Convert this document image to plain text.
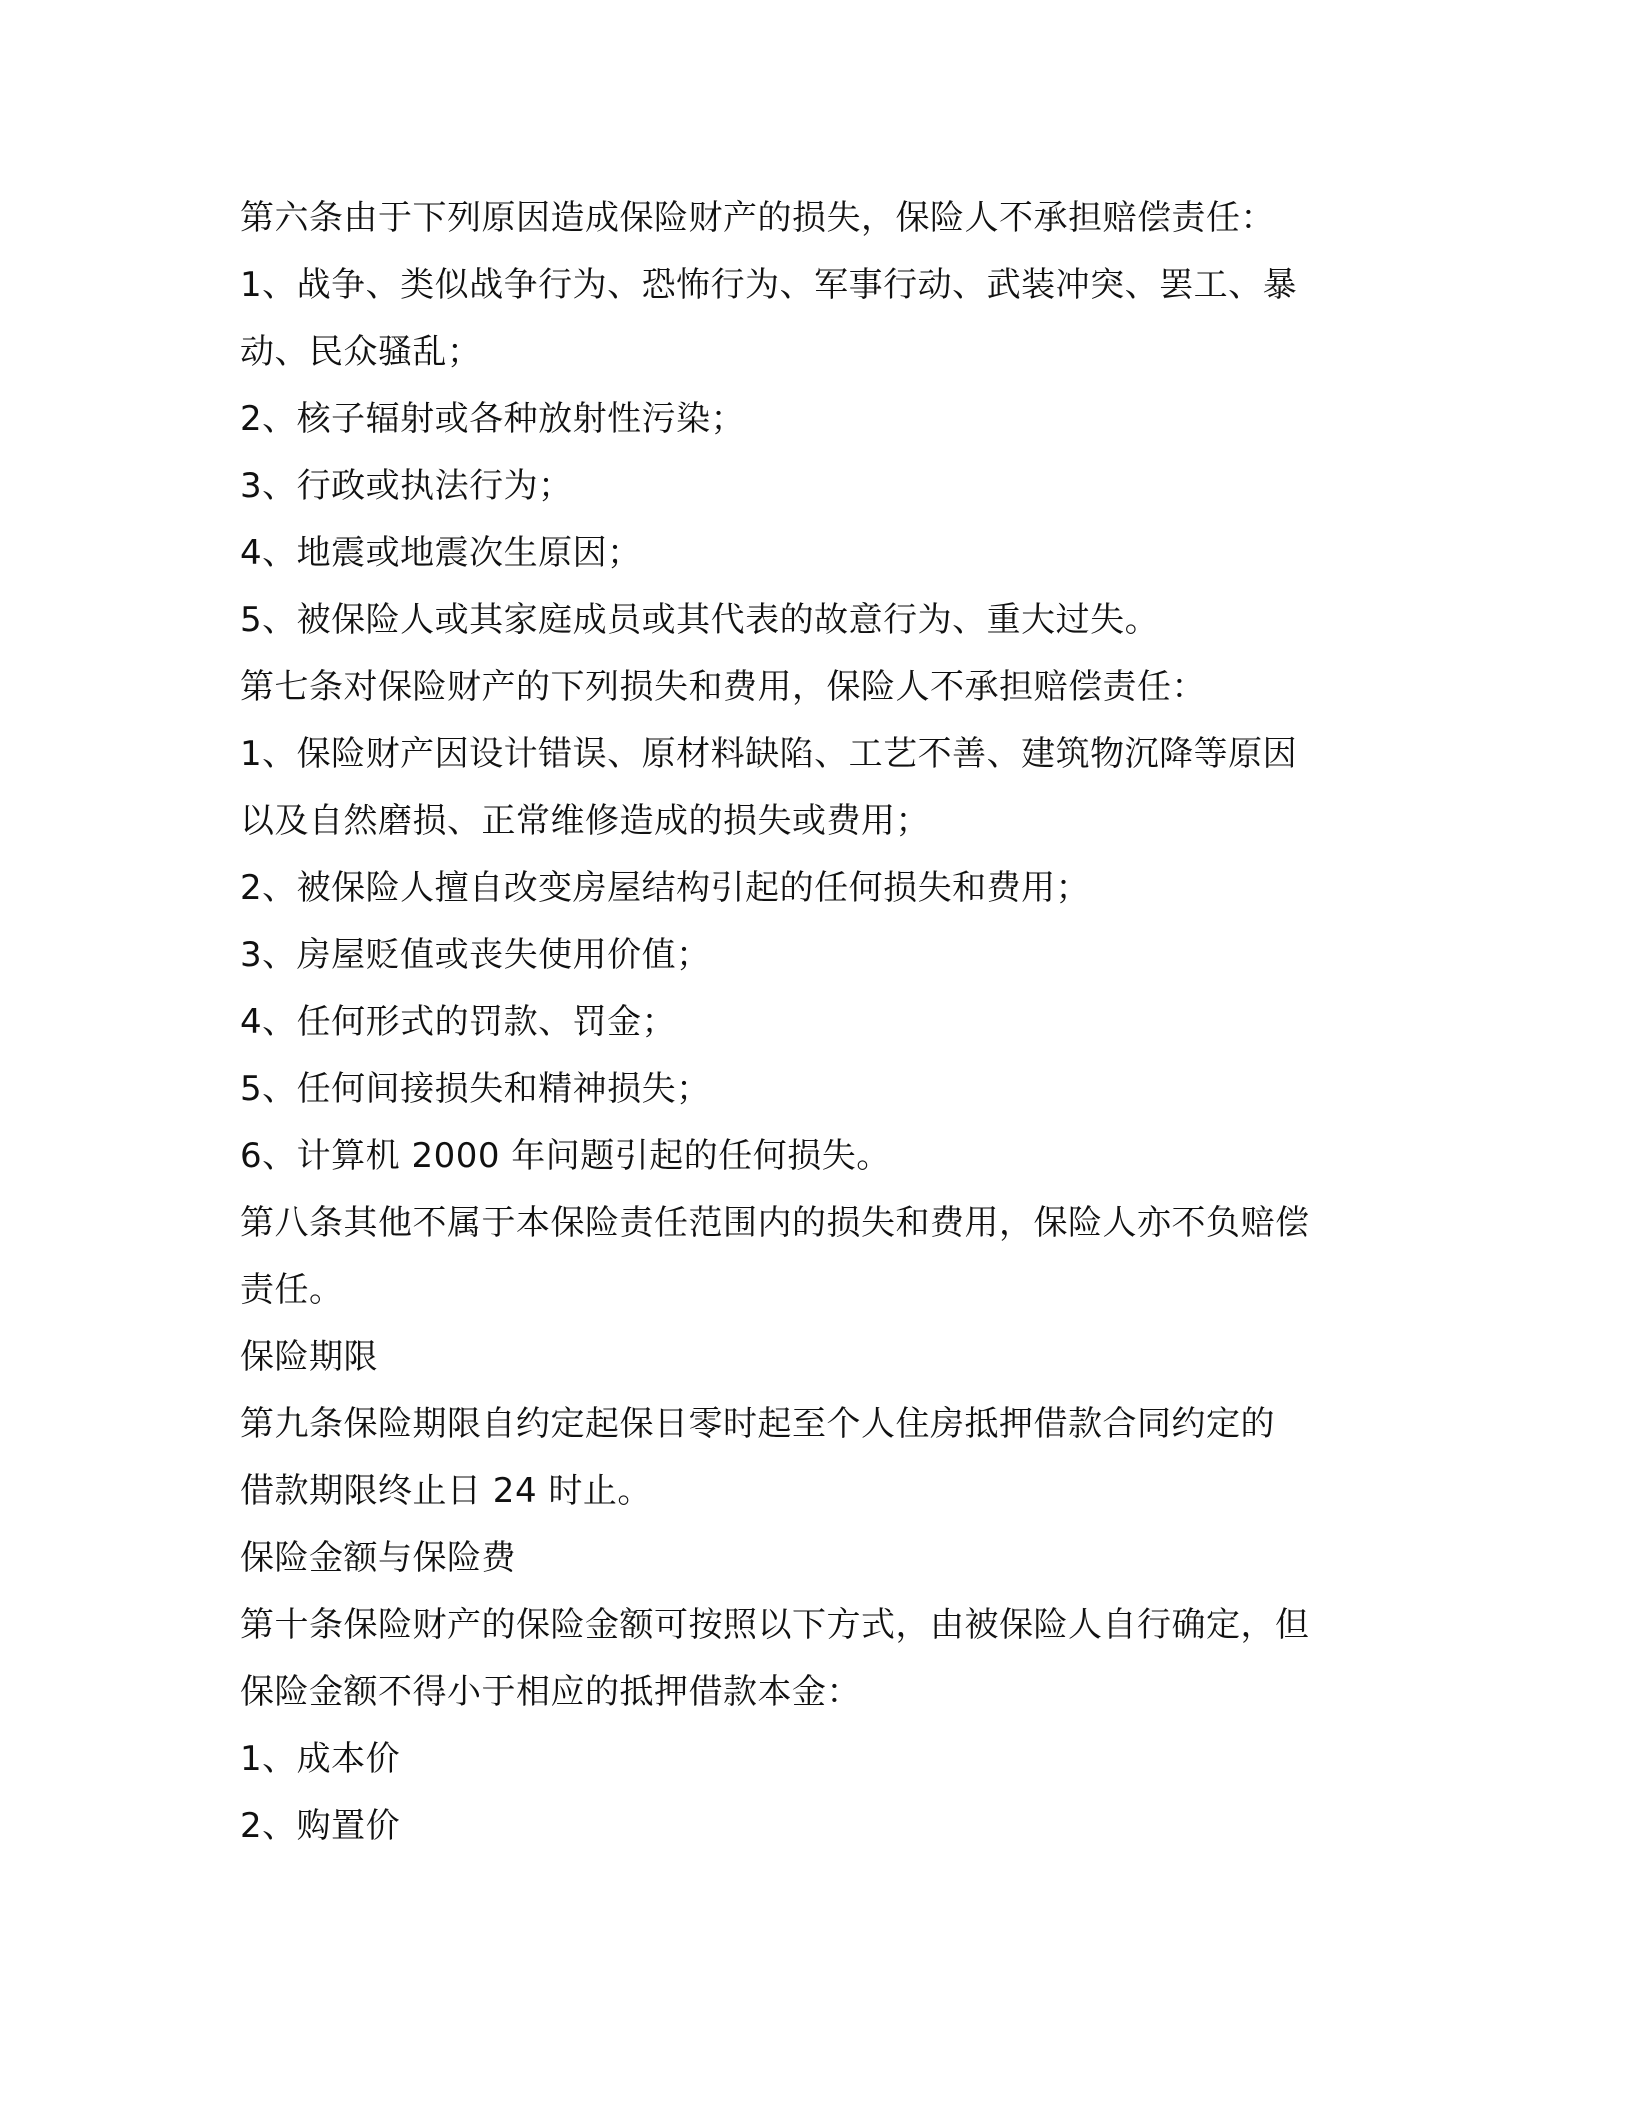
第六条由于下列原因造成保险财产的损失，保险人不承担赔偿责任：
1、战争、类似战争行为、恐怖行为、军事行动、武装冲突、罢工、暴
动、民众骚乱；
2、核子辐射或各种放射性污染；
3、行政或执法行为；
4、地震或地震次生原因；
5、被保险人或其家庭成员或其代表的故意行为、重大过失。
第七条对保险财产的下列损失和费用，保险人不承担赔偿责任：
1、保险财产因设计错误、原材料缺陷、工艺不善、建筑物沉降等原因
以及自然磨损、正常维修造成的损失或费用；
2、被保险人擅自改变房屋结构引起的任何损失和费用；
3、房屋贬值或丧失使用价值；
4、任何形式的罚款、罚金；
5、任何间接损失和精神损失；
6、计算机 2000 年问题引起的任何损失。
第八条其他不属于本保险责任范围内的损失和费用，保险人亦不负赔偿
责任。
保险期限
第九条保险期限自约定起保日零时起至个人住房抵押借款合同约定的
借款期限终止日 24 时止。
保险金额与保险费
第十条保险财产的保险金额可按照以下方式，由被保险人自行确定，但
保险金额不得小于相应的抵押借款本金：
1、成本价
2、购置价
